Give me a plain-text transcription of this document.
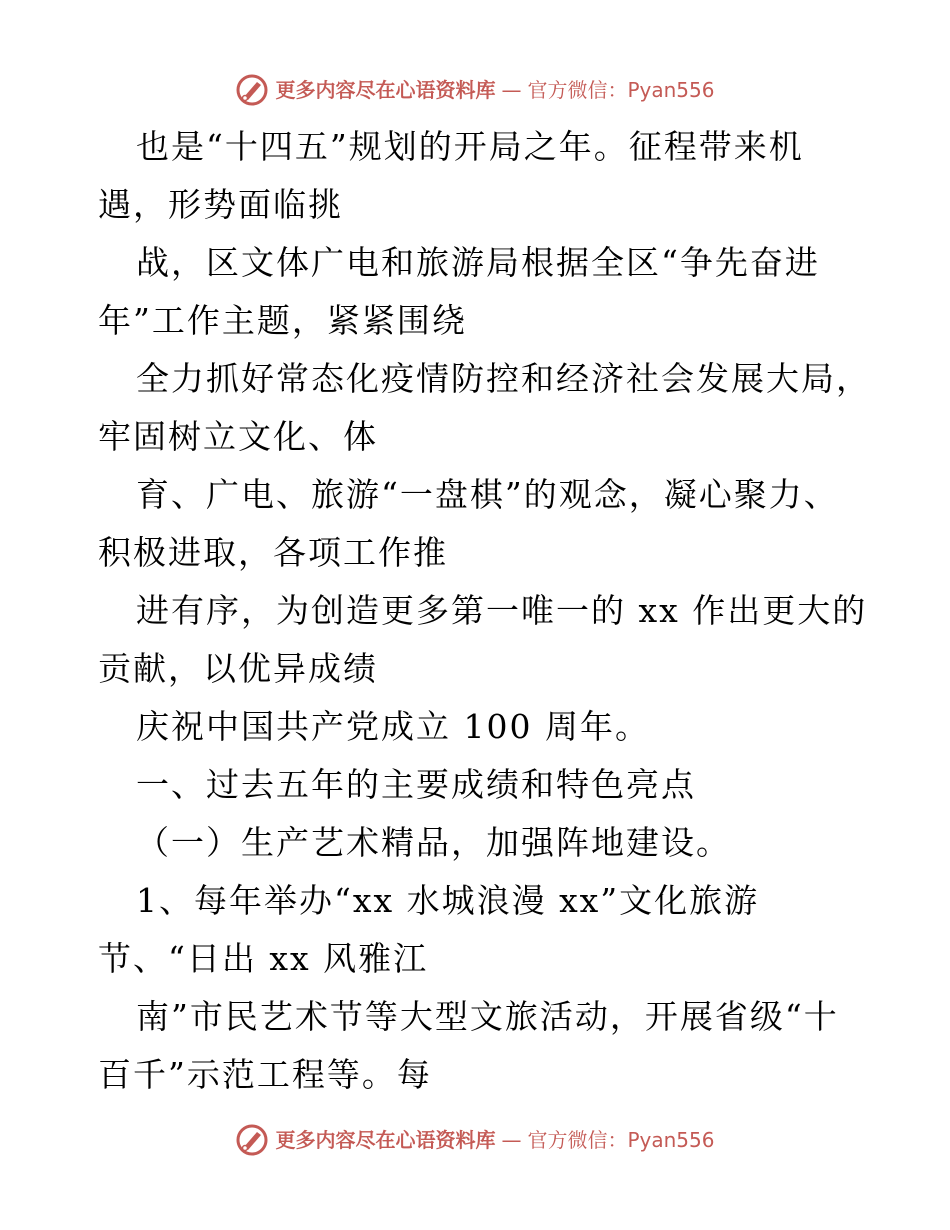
更多内容尽在心语资料库 — 官方微信：Pyan556
也是“十四五”规划的开局之年。征程带来机
遇，形势面临挑
战，区文体广电和旅游局根据全区“争先奋进
年”工作主题，紧紧围绕
全力抓好常态化疫情防控和经济社会发展大局，
牢固树立文化、体
育、广电、旅游“一盘棋”的观念，凝心聚力、
积极进取，各项工作推
进有序，为创造更多第一唯一的 xx 作出更大的
贡献，以优异成绩
庆祝中国共产党成立 100 周年。
一、过去五年的主要成绩和特色亮点
（一）生产艺术精品，加强阵地建设。
1、每年举办“xx 水城浪漫 xx”文化旅游
节、“日出 xx 风雅江
南”市民艺术节等大型文旅活动，开展省级“十
百千”示范工程等。每
更多内容尽在心语资料库 — 官方微信：Pyan556
